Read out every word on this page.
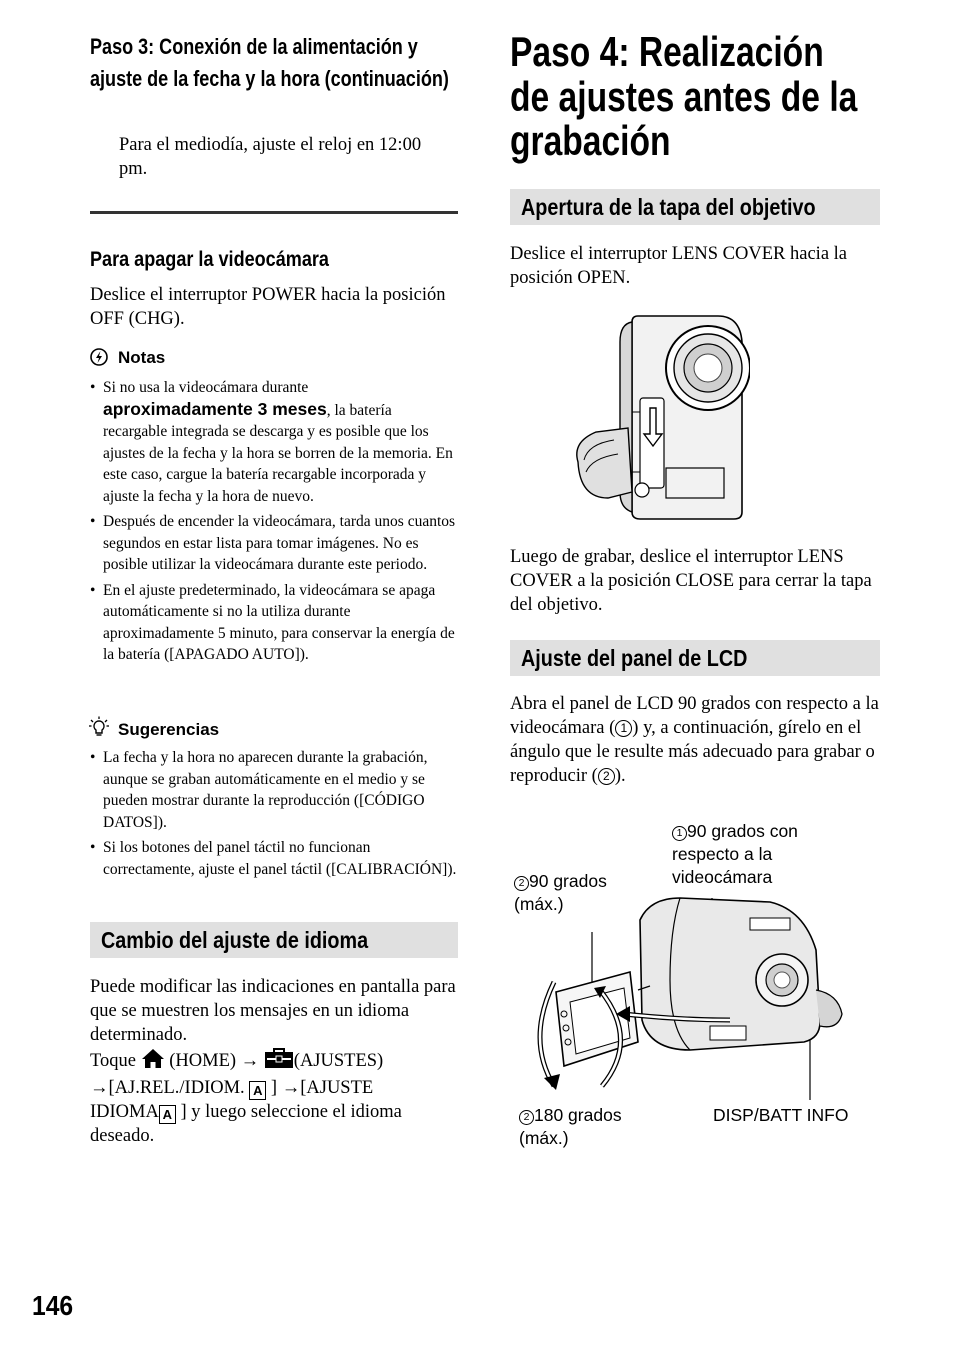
Paso 3: Conexión de la alimentación y
ajuste de la fecha y la hora (continuación)
Para el mediodía, ajuste el reloj en 12:00 pm.
Para apagar la videocámara
Deslice el interruptor POWER hacia la posición OFF (CHG).
Notas
• Si no usa la videocámara durante
aproximadamente 3 meses, la batería recargable integrada se descarga y es posible que los ajustes de la fecha y la hora se borren de la memoria. En este caso, cargue la batería recargable incorporada y ajuste la fecha y la hora de nuevo.
• Después de encender la videocámara, tarda unos cuantos segundos en estar lista para tomar imágenes. No es posible utilizar la videocámara durante este periodo.
• En el ajuste predeterminado, la videocámara se apaga automáticamente si no la utiliza durante aproximadamente 5 minuto, para conservar la energía de la batería ([APAGADO AUTO]).
Sugerencias
• La fecha y la hora no aparecen durante la grabación, aunque se graban automáticamente en el medio y se pueden mostrar durante la reproducción ([CÓDIGO DATOS]).
• Si los botones del panel táctil no funcionan correctamente, ajuste el panel táctil ([CALIBRACIÓN]).
Cambio del ajuste de idioma
Puede modificar las indicaciones en pantalla para que se muestren los mensajes en un idioma determinado.
Toque (HOME) → (AJUSTES)
→[AJ.REL./IDIOM. A ] →[AJUSTE
IDIOMA A ] y luego seleccione el idioma deseado.
146
Paso 4: Realización
de ajustes antes de la
grabación
Apertura de la tapa del objetivo
Deslice el interruptor LENS COVER hacia la posición OPEN.
Luego de grabar, deslice el interruptor LENS COVER a la posición CLOSE para cerrar la tapa del objetivo.
Ajuste del panel de LCD
Abra el panel de LCD 90 grados con respecto a la videocámara ( 1 ) y, a continuación, gírelo en el ángulo que le resulte más adecuado para grabar o reproducir ( 2 ).
1 90 grados con
respecto a la
videocámara
2 90 grados
(máx.)
2 180 grados
(máx.)
DISP/BATT INFO
